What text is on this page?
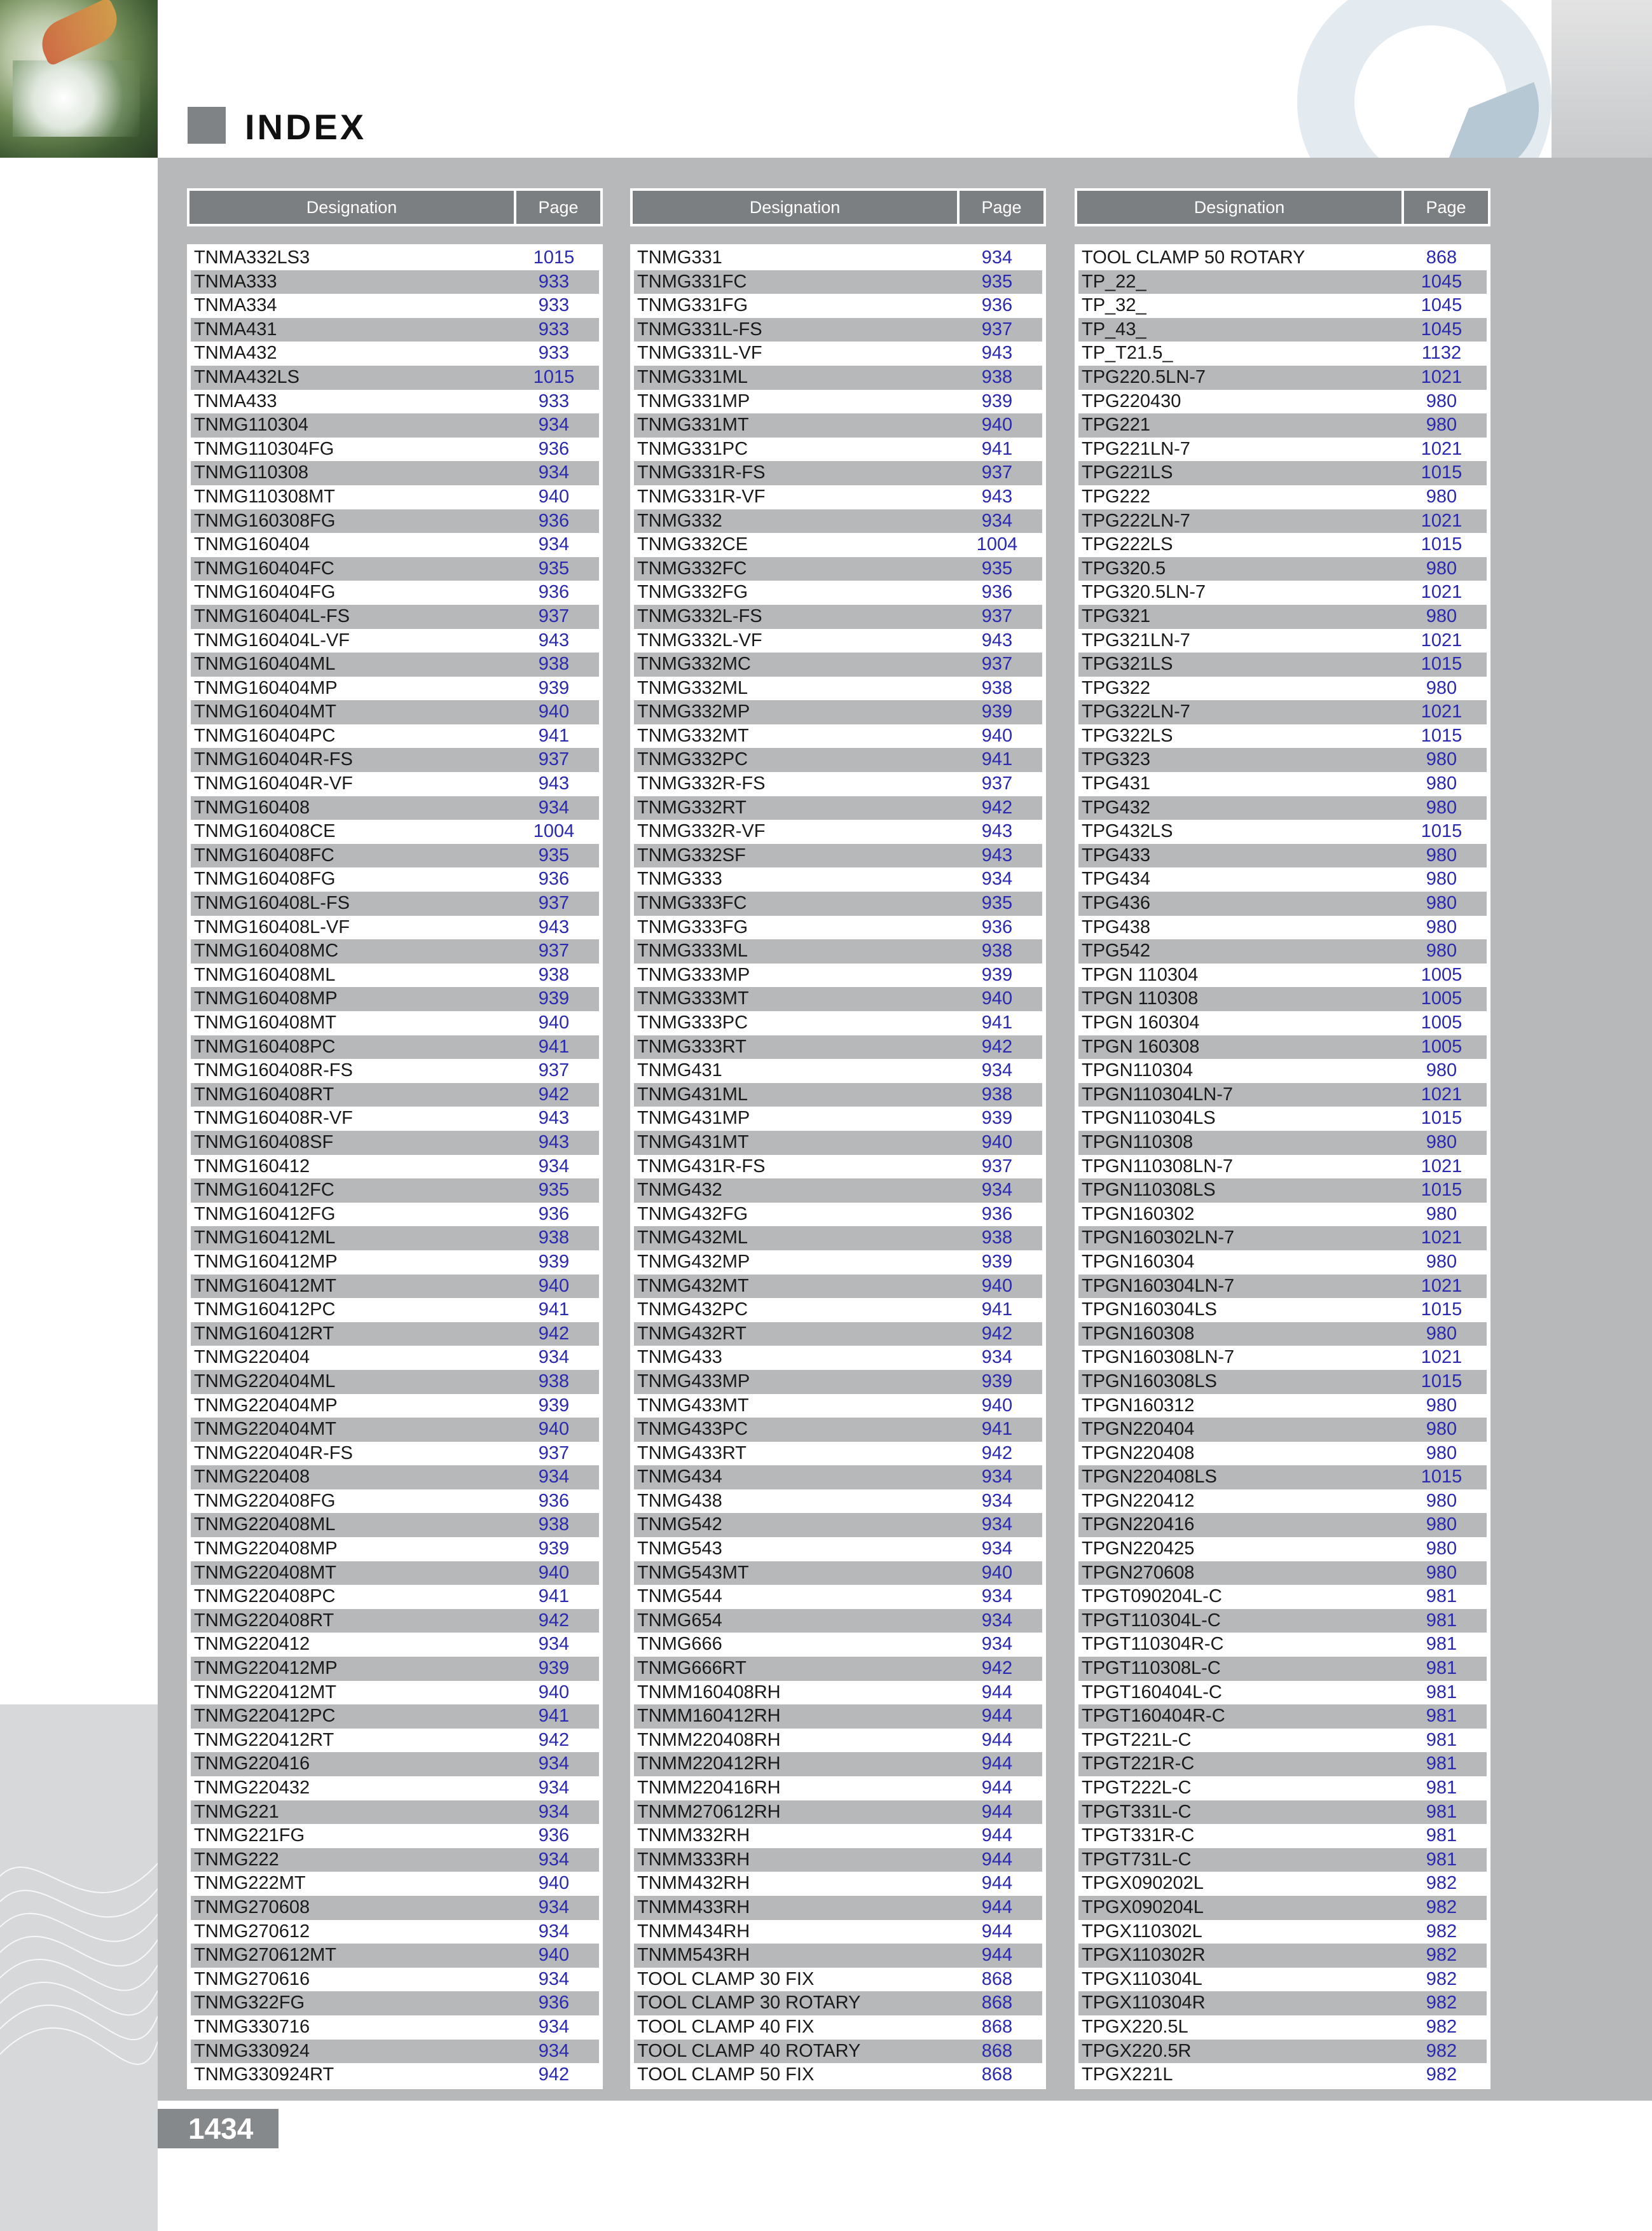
INDEX
Designation	Page
TNMA332LS3	1015
TNMA333	933
TNMA334	933
TNMA431	933
TNMA432	933
TNMA432LS	1015
TNMA433	933
TNMG110304	934
TNMG110304FG	936
TNMG110308	934
TNMG110308MT	940
TNMG160308FG	936
TNMG160404	934
TNMG160404FC	935
TNMG160404FG	936
TNMG160404L-FS	937
TNMG160404L-VF	943
TNMG160404ML	938
TNMG160404MP	939
TNMG160404MT	940
TNMG160404PC	941
TNMG160404R-FS	937
TNMG160404R-VF	943
TNMG160408	934
TNMG160408CE	1004
TNMG160408FC	935
TNMG160408FG	936
TNMG160408L-FS	937
TNMG160408L-VF	943
TNMG160408MC	937
TNMG160408ML	938
TNMG160408MP	939
TNMG160408MT	940
TNMG160408PC	941
TNMG160408R-FS	937
TNMG160408RT	942
TNMG160408R-VF	943
TNMG160408SF	943
TNMG160412	934
TNMG160412FC	935
TNMG160412FG	936
TNMG160412ML	938
TNMG160412MP	939
TNMG160412MT	940
TNMG160412PC	941
TNMG160412RT	942
TNMG220404	934
TNMG220404ML	938
TNMG220404MP	939
TNMG220404MT	940
TNMG220404R-FS	937
TNMG220408	934
TNMG220408FG	936
TNMG220408ML	938
TNMG220408MP	939
TNMG220408MT	940
TNMG220408PC	941
TNMG220408RT	942
TNMG220412	934
TNMG220412MP	939
TNMG220412MT	940
TNMG220412PC	941
TNMG220412RT	942
TNMG220416	934
TNMG220432	934
TNMG221	934
TNMG221FG	936
TNMG222	934
TNMG222MT	940
TNMG270608	934
TNMG270612	934
TNMG270612MT	940
TNMG270616	934
TNMG322FG	936
TNMG330716	934
TNMG330924	934
TNMG330924RT	942
Designation	Page
TNMG331	934
TNMG331FC	935
TNMG331FG	936
TNMG331L-FS	937
TNMG331L-VF	943
TNMG331ML	938
TNMG331MP	939
TNMG331MT	940
TNMG331PC	941
TNMG331R-FS	937
TNMG331R-VF	943
TNMG332	934
TNMG332CE	1004
TNMG332FC	935
TNMG332FG	936
TNMG332L-FS	937
TNMG332L-VF	943
TNMG332MC	937
TNMG332ML	938
TNMG332MP	939
TNMG332MT	940
TNMG332PC	941
TNMG332R-FS	937
TNMG332RT	942
TNMG332R-VF	943
TNMG332SF	943
TNMG333	934
TNMG333FC	935
TNMG333FG	936
TNMG333ML	938
TNMG333MP	939
TNMG333MT	940
TNMG333PC	941
TNMG333RT	942
TNMG431	934
TNMG431ML	938
TNMG431MP	939
TNMG431MT	940
TNMG431R-FS	937
TNMG432	934
TNMG432FG	936
TNMG432ML	938
TNMG432MP	939
TNMG432MT	940
TNMG432PC	941
TNMG432RT	942
TNMG433	934
TNMG433MP	939
TNMG433MT	940
TNMG433PC	941
TNMG433RT	942
TNMG434	934
TNMG438	934
TNMG542	934
TNMG543	934
TNMG543MT	940
TNMG544	934
TNMG654	934
TNMG666	934
TNMG666RT	942
TNMM160408RH	944
TNMM160412RH	944
TNMM220408RH	944
TNMM220412RH	944
TNMM220416RH	944
TNMM270612RH	944
TNMM332RH	944
TNMM333RH	944
TNMM432RH	944
TNMM433RH	944
TNMM434RH	944
TNMM543RH	944
TOOL CLAMP 30 FIX	868
TOOL CLAMP 30 ROTARY	868
TOOL CLAMP 40 FIX	868
TOOL CLAMP 40 ROTARY	868
TOOL CLAMP 50 FIX	868
Designation	Page
TOOL CLAMP 50 ROTARY	868
TP_22_	1045
TP_32_	1045
TP_43_	1045
TP_T21.5_	1132
TPG220.5LN-7	1021
TPG220430	980
TPG221	980
TPG221LN-7	1021
TPG221LS	1015
TPG222	980
TPG222LN-7	1021
TPG222LS	1015
TPG320.5	980
TPG320.5LN-7	1021
TPG321	980
TPG321LN-7	1021
TPG321LS	1015
TPG322	980
TPG322LN-7	1021
TPG322LS	1015
TPG323	980
TPG431	980
TPG432	980
TPG432LS	1015
TPG433	980
TPG434	980
TPG436	980
TPG438	980
TPG542	980
TPGN 110304	1005
TPGN 110308	1005
TPGN 160304	1005
TPGN 160308	1005
TPGN110304	980
TPGN110304LN-7	1021
TPGN110304LS	1015
TPGN110308	980
TPGN110308LN-7	1021
TPGN110308LS	1015
TPGN160302	980
TPGN160302LN-7	1021
TPGN160304	980
TPGN160304LN-7	1021
TPGN160304LS	1015
TPGN160308	980
TPGN160308LN-7	1021
TPGN160308LS	1015
TPGN160312	980
TPGN220404	980
TPGN220408	980
TPGN220408LS	1015
TPGN220412	980
TPGN220416	980
TPGN220425	980
TPGN270608	980
TPGT090204L-C	981
TPGT110304L-C	981
TPGT110304R-C	981
TPGT110308L-C	981
TPGT160404L-C	981
TPGT160404R-C	981
TPGT221L-C	981
TPGT221R-C	981
TPGT222L-C	981
TPGT331L-C	981
TPGT331R-C	981
TPGT731L-C	981
TPGX090202L	982
TPGX090204L	982
TPGX110302L	982
TPGX110302R	982
TPGX110304L	982
TPGX110304R	982
TPGX220.5L	982
TPGX220.5R	982
TPGX221L	982
1434
